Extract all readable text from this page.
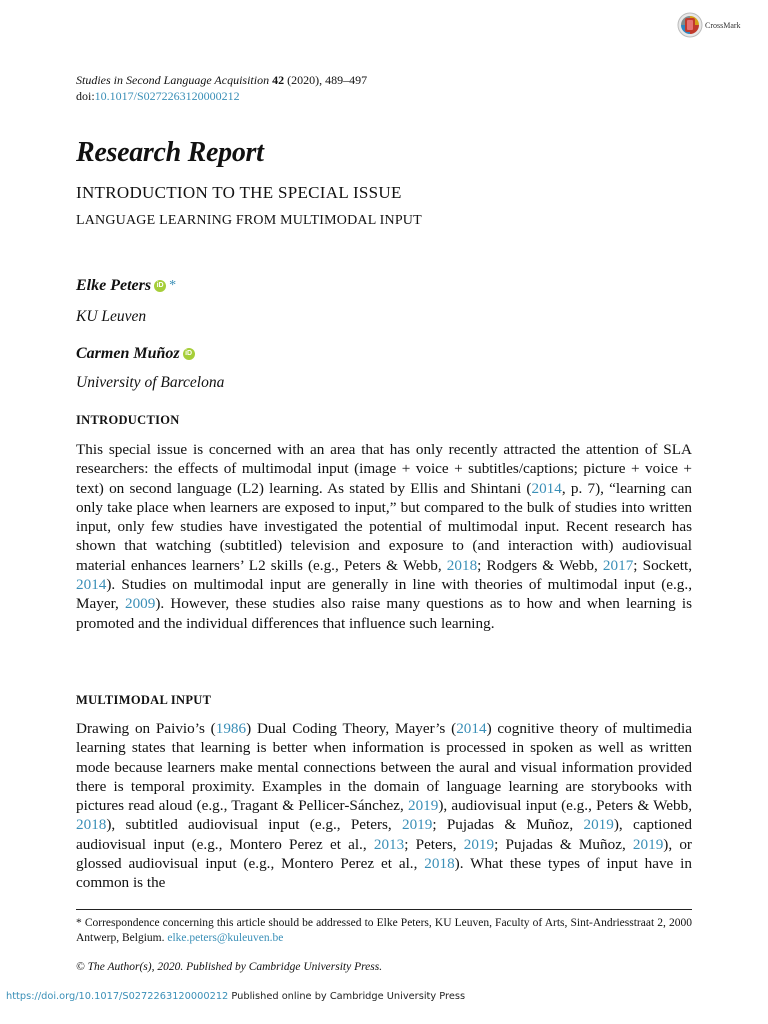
CrossMark
Studies in Second Language Acquisition 42 (2020), 489–497
doi:10.1017/S0272263120000212
Research Report
INTRODUCTION TO THE SPECIAL ISSUE
LANGUAGE LEARNING FROM MULTIMODAL INPUT
Elke Peters iD *
KU Leuven
Carmen Muñoz iD
University of Barcelona
INTRODUCTION
This special issue is concerned with an area that has only recently attracted the attention of SLA researchers: the effects of multimodal input (image + voice + subtitles/captions; picture + voice + text) on second language (L2) learning. As stated by Ellis and Shintani (2014, p. 7), “learning can only take place when learners are exposed to input,” but compared to the bulk of studies into written input, only few studies have investigated the potential of multimodal input. Recent research has shown that watching (subtitled) television and exposure to (and interaction with) audiovisual material enhances learners’ L2 skills (e.g., Peters & Webb, 2018; Rodgers & Webb, 2017; Sockett, 2014). Studies on multimodal input are generally in line with theories of multimodal input (e.g., Mayer, 2009). However, these studies also raise many questions as to how and when learning is promoted and the individual differences that influence such learning.
MULTIMODAL INPUT
Drawing on Paivio’s (1986) Dual Coding Theory, Mayer’s (2014) cognitive theory of multimedia learning states that learning is better when information is processed in spoken as well as written mode because learners make mental connections between the aural and visual information provided there is temporal proximity. Examples in the domain of language learning are storybooks with pictures read aloud (e.g., Tragant & Pellicer-Sánchez, 2019), audiovisual input (e.g., Peters & Webb, 2018), subtitled audiovisual input (e.g., Peters, 2019; Pujadas & Muñoz, 2019), captioned audiovisual input (e.g., Montero Perez et al., 2013; Peters, 2019; Pujadas & Muñoz, 2019), or glossed audiovisual input (e.g., Montero Perez et al., 2018). What these types of input have in common is the
* Correspondence concerning this article should be addressed to Elke Peters, KU Leuven, Faculty of Arts, Sint-Andriesstraat 2, 2000 Antwerp, Belgium. elke.peters@kuleuven.be
© The Author(s), 2020. Published by Cambridge University Press.
https://doi.org/10.1017/S0272263120000212 Published online by Cambridge University Press
